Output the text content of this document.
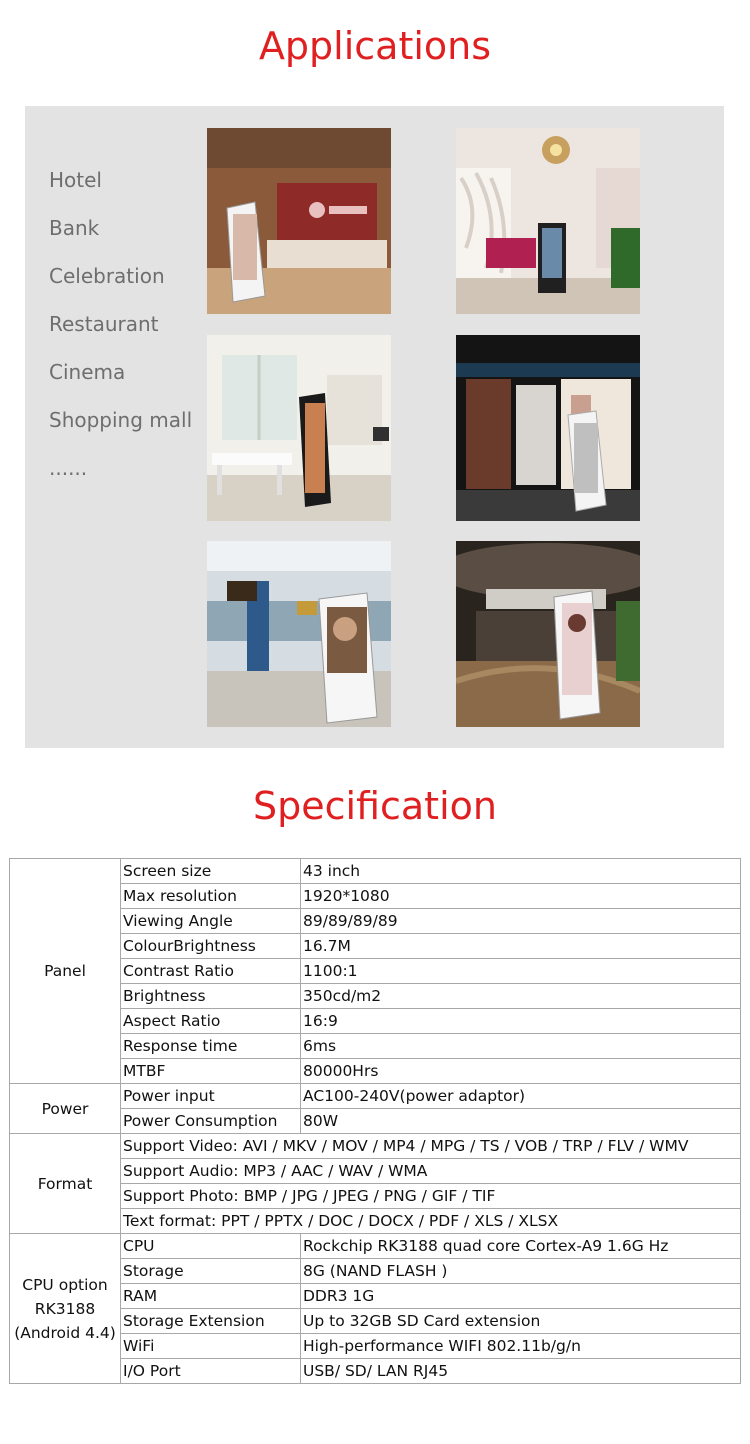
Applications
Hotel
Bank
Celebration
Restaurant
Cinema
Shopping mall
......
Specification
Panel	Screen size	43 inch
	Max resolution	1920*1080
	Viewing Angle	89/89/89/89
	ColourBrightness	16.7M
	Contrast Ratio	1100:1
	Brightness	350cd/m2
	Aspect Ratio	16:9
	Response time	6ms
	MTBF	80000Hrs
Power	Power input	AC100-240V(power adaptor)
	Power Consumption	80W
Format	Support Video: AVI / MKV / MOV / MP4 / MPG / TS / VOB / TRP / FLV / WMV	
	Support Audio: MP3 / AAC / WAV / WMA	
	Support Photo: BMP / JPG / JPEG / PNG / GIF / TIF	
	Text format: PPT / PPTX / DOC / DOCX / PDF / XLS / XLSX	

CPU option
RK3188
(Android 4.4)	CPU	Rockchip RK3188 quad core Cortex-A9 1.6G Hz
	Storage	8G (NAND FLASH )
	RAM	DDR3 1G
	Storage Extension	Up to 32GB SD Card extension
	WiFi	High-performance WIFI 802.11b/g/n
	I/O Port	USB/ SD/ LAN RJ45
